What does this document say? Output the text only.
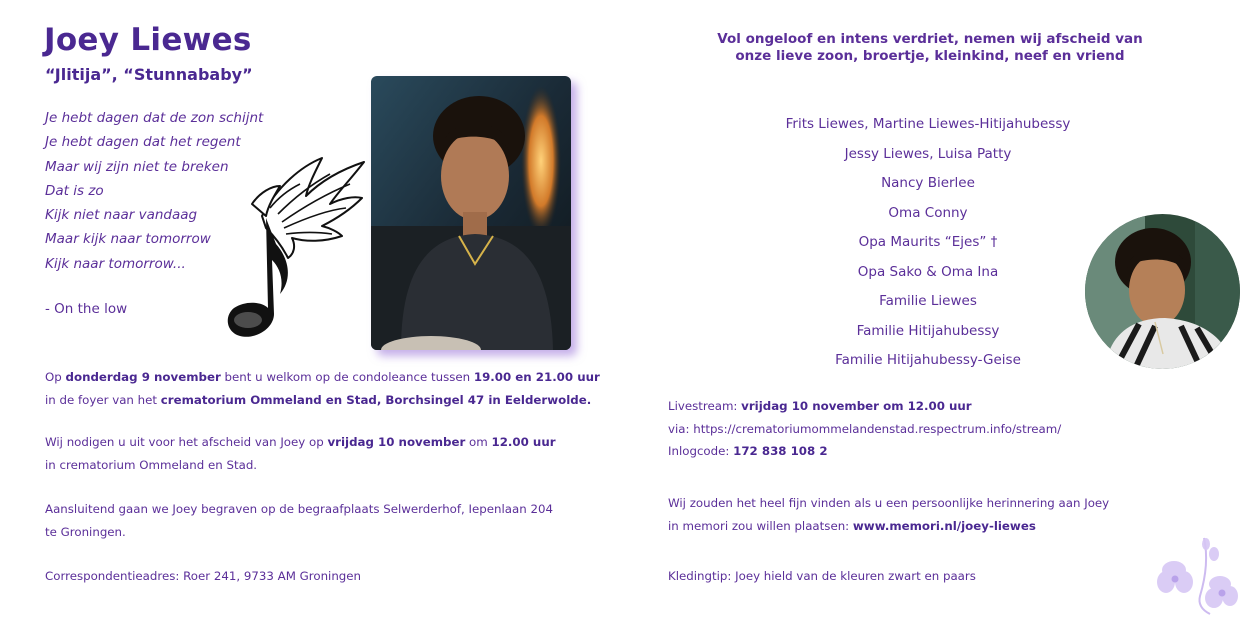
Joey Liewes
“Jlitija”, “Stunnababy”
Je hebt dagen dat de zon schijnt
Je hebt dagen dat het regent
Maar wij zijn niet te breken
Dat is zo
Kijk niet naar vandaag
Maar kijk naar tomorrow
Kijk naar tomorrow...
- On the low
Op donderdag 9 november bent u welkom op de condoleance tussen 19.00 en 21.00 uur
in de foyer van het crematorium Ommeland en Stad, Borchsingel 47 in Eelderwolde.
Wij nodigen u uit voor het afscheid van Joey op vrijdag 10 november om 12.00 uur
in crematorium Ommeland en Stad.
Aansluitend gaan we Joey begraven op de begraafplaats Selwerderhof, Iepenlaan 204
te Groningen.
Correspondentieadres: Roer 241, 9733 AM Groningen
Vol ongeloof en intens verdriet, nemen wij afscheid van
onze lieve zoon, broertje, kleinkind, neef en vriend
Frits Liewes, Martine Liewes-Hitijahubessy
Jessy Liewes, Luisa Patty
Nancy Bierlee
Oma Conny
Opa Maurits “Ejes” †
Opa Sako & Oma Ina
Familie Liewes
Familie Hitijahubessy
Familie Hitijahubessy-Geise
Livestream: vrijdag 10 november om 12.00 uur
via: https://crematoriumommelandenstad.respectrum.info/stream/
Inlogcode: 172 838 108 2
Wij zouden het heel fijn vinden als u een persoonlijke herinnering aan Joey
in memori zou willen plaatsen: www.memori.nl/joey-liewes
Kledingtip: Joey hield van de kleuren zwart en paars
